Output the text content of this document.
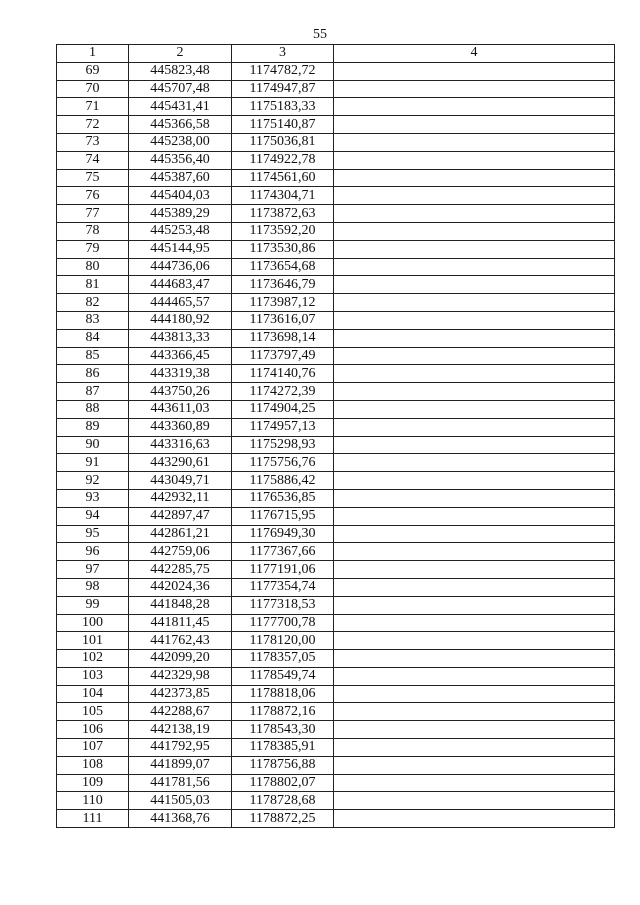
55
1	2	3	4
69	445823,48	1174782,72	
70	445707,48	1174947,87	
71	445431,41	1175183,33	
72	445366,58	1175140,87	
73	445238,00	1175036,81	
74	445356,40	1174922,78	
75	445387,60	1174561,60	
76	445404,03	1174304,71	
77	445389,29	1173872,63	
78	445253,48	1173592,20	
79	445144,95	1173530,86	
80	444736,06	1173654,68	
81	444683,47	1173646,79	
82	444465,57	1173987,12	
83	444180,92	1173616,07	
84	443813,33	1173698,14	
85	443366,45	1173797,49	
86	443319,38	1174140,76	
87	443750,26	1174272,39	
88	443611,03	1174904,25	
89	443360,89	1174957,13	
90	443316,63	1175298,93	
91	443290,61	1175756,76	
92	443049,71	1175886,42	
93	442932,11	1176536,85	
94	442897,47	1176715,95	
95	442861,21	1176949,30	
96	442759,06	1177367,66	
97	442285,75	1177191,06	
98	442024,36	1177354,74	
99	441848,28	1177318,53	
100	441811,45	1177700,78	
101	441762,43	1178120,00	
102	442099,20	1178357,05	
103	442329,98	1178549,74	
104	442373,85	1178818,06	
105	442288,67	1178872,16	
106	442138,19	1178543,30	
107	441792,95	1178385,91	
108	441899,07	1178756,88	
109	441781,56	1178802,07	
110	441505,03	1178728,68	
111	441368,76	1178872,25	
